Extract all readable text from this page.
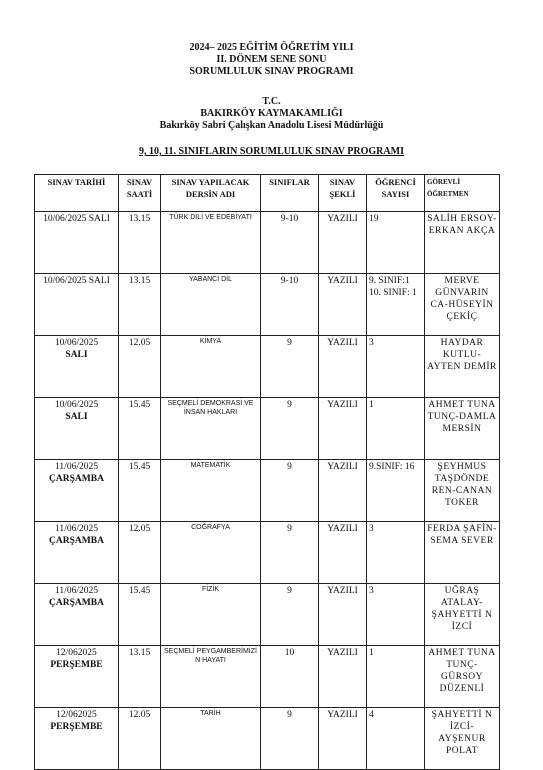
2024– 2025 EĞİTİM ÖĞRETİM YILI
II. DÖNEM SENE SONU
SORUMLULUK SINAV PROGRAMI
T.C.
BAKIRKÖY KAYMAKAMLIĞI
Bakırköy Sabri Çalışkan Anadolu Lisesi Müdürlüğü
9, 10, 11. SINIFLARIN SORUMLULUK SINAV PROGRAMI
SINAV TARİHİ	SINAV SAATİ	SINAV YAPILACAK DERSİN ADI	SINIFLAR	SINAV ŞEKLİ	ÖĞRENCİ SAYISI	GÖREVLİ ÖĞRETMEN

10/06/2025 SALI	13.15	TÜRK DİLİ VE EDEBİYATI	9-10	YAZILI	19	SALİH ERSOY-ERKAN AKÇA

10/06/2025 SALI	13.15	YABANCI DİL	9-10	YAZILI	9. SINIF:1 10. SINIF: 1	MERVE GÜNVARIN CA-HÜSEYİN ÇEKİÇ

10/06/2025
SALI	12.05	KİMYA	9	YAZILI	3	HAYDAR KUTLU-AYTEN DEMİR

10/06/2025
SALI	15.45	SEÇMELİ DEMOKRASİ VE İNSAN HAKLARI	9	YAZILI	1	AHMET TUNA TUNÇ-DAMLA MERSİN

11/06/2025
ÇARŞAMBA	15.45	MATEMATİK	9	YAZILI	9.SINIF: 16	ŞEYHMUS TAŞDÖNDE REN-CANAN TOKER

11/06/2025
ÇARŞAMBA	12.05	COĞRAFYA	9	YAZILI	3	FERDA ŞAFİN-SEMA SEVER

11/06/2025
ÇARŞAMBA	15.45	FİZİK	9	YAZILI	3	UĞRAŞ ATALAY-ŞAHYETTİ N İZCİ

12/062025
PERŞEMBE	13.15	SEÇMELİ PEYGAMBERİMİZİ N HAYATI	10	YAZILI	1	AHMET TUNA TUNÇ-GÜRSOY DÜZENLİ

12/062025
PERŞEMBE	12.05	TARİH	9	YAZILI	4	ŞAHYETTİ N İZCİ-AYŞENUR POLAT
